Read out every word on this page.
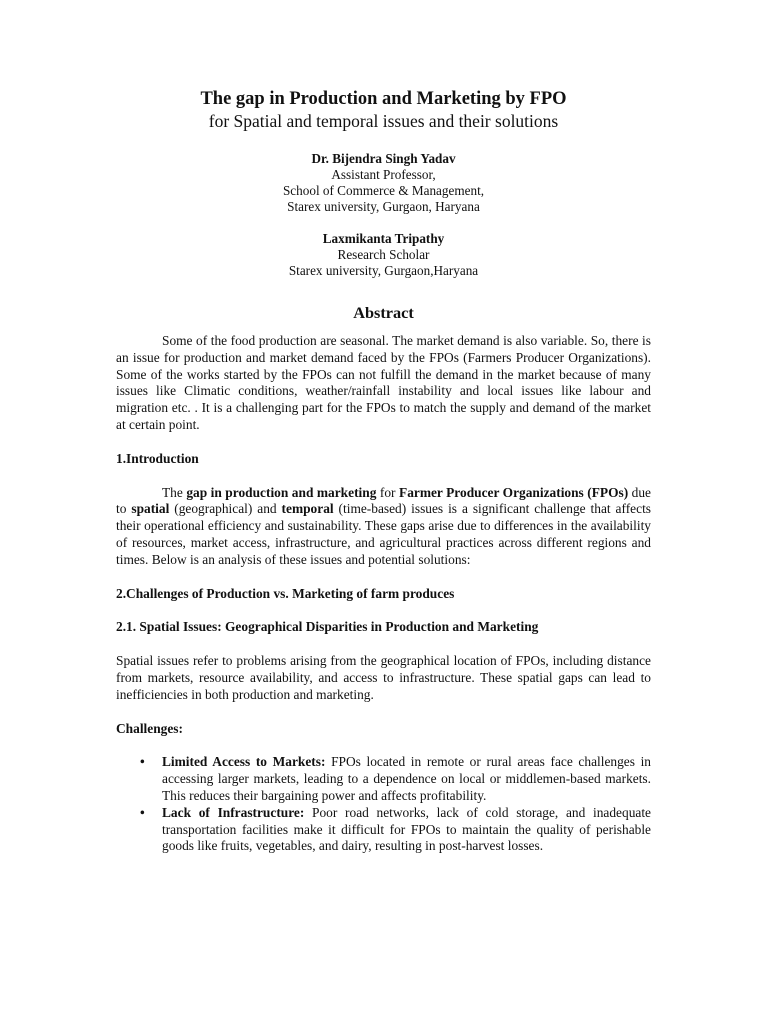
The gap in Production and Marketing by FPO

for Spatial and temporal issues and their solutions

Dr. Bijendra Singh Yadav
Assistant Professor,
School of Commerce & Management,
Starex university, Gurgaon, Haryana
Laxmikanta Tripathy
Research Scholar
Starex university, Gurgaon,Haryana
Abstract

Some of the food production are seasonal. The market demand is also variable. So, there is an issue for production and market demand faced by the FPOs (Farmers Producer Organizations). Some of the works started by the FPOs can not fulfill the demand in the market because of many issues like Climatic conditions, weather/rainfall instability and local issues like labour and migration etc. . It is a challenging part for the FPOs to match the supply and demand of the market at certain point.

1.Introduction

The gap in production and marketing for Farmer Producer Organizations (FPOs) due to spatial (geographical) and temporal (time-based) issues is a significant challenge that affects their operational efficiency and sustainability. These gaps arise due to differences in the availability of resources, market access, infrastructure, and agricultural practices across different regions and times. Below is an analysis of these issues and potential solutions:

2.Challenges of Production vs. Marketing of farm produces

2.1. Spatial Issues: Geographical Disparities in Production and Marketing

Spatial issues refer to problems arising from the geographical location of FPOs, including distance from markets, resource availability, and access to infrastructure. These spatial gaps can lead to inefficiencies in both production and marketing.

Challenges:

• Limited Access to Markets: FPOs located in remote or rural areas face challenges in accessing larger markets, leading to a dependence on local or middlemen-based markets. This reduces their bargaining power and affects profitability.
• Lack of Infrastructure: Poor road networks, lack of cold storage, and inadequate transportation facilities make it difficult for FPOs to maintain the quality of perishable goods like fruits, vegetables, and dairy, resulting in post-harvest losses.
